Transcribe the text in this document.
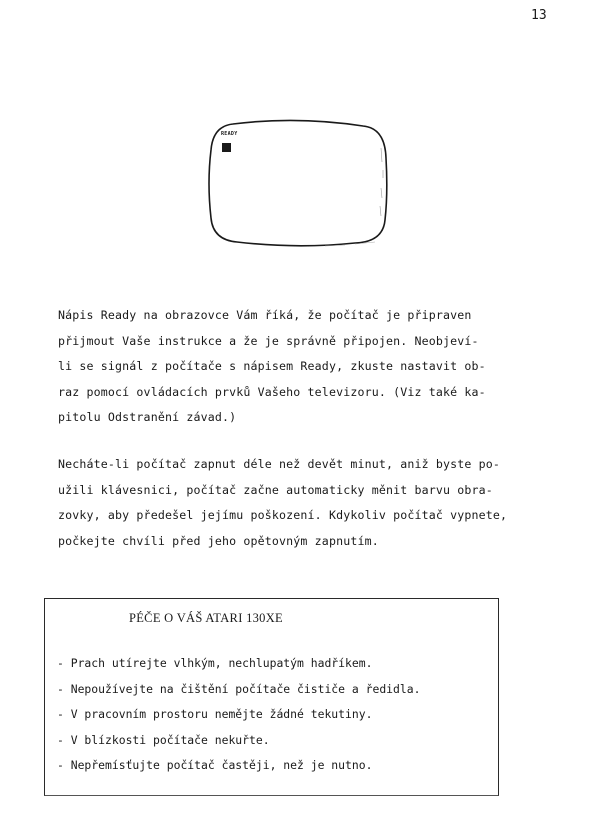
13
READY
Nápis Ready na obrazovce Vám říká, že počítač je připraven
přijmout Vaše instrukce a že je správně připojen. Neobjeví-
li se signál z počítače s nápisem Ready, zkuste nastavit ob-
raz pomocí ovládacích prvků Vašeho televizoru. (Viz také ka-
pitolu Odstranění závad.)
Necháte-li počítač zapnut déle než devět minut, aniž byste po-
užili klávesnici, počítač začne automaticky měnit barvu obra-
zovky, aby předešel jejímu poškození. Kdykoliv počítač vypnete,
počkejte chvíli před jeho opětovným zapnutím.
PÉČE O VÁŠ ATARI 130XE
- Prach utírejte vlhkým, nechlupatým hadříkem.
- Nepoužívejte na čištění počítače čističe a ředidla.
- V pracovním prostoru nemějte žádné tekutiny.
- V blízkosti počítače nekuřte.
- Nepřemísťujte počítač častěji, než je nutno.
